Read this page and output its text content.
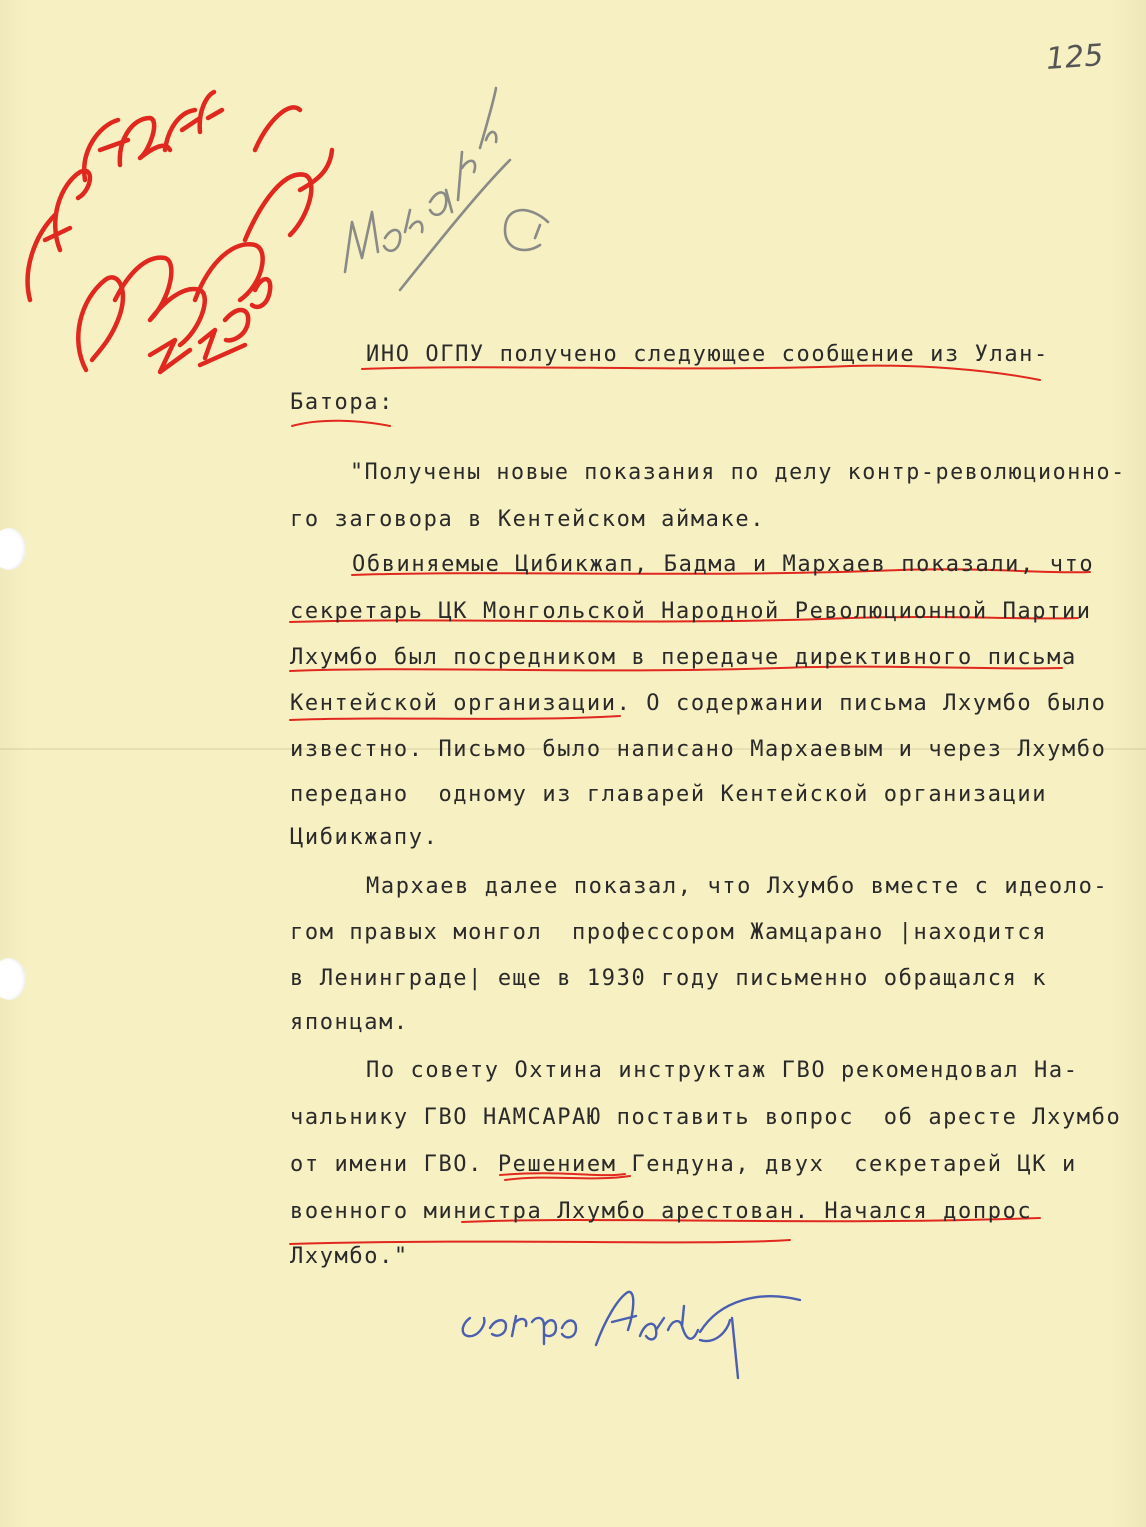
125

ИНО ОГПУ получено следующее сообщение из Улан-

Батора:

"Получены новые показания по делу контр-революционно-

го заговора в Кентейском аймаке.

Обвиняемые Цибикжап, Бадма и Мархаев показали, что

секретарь ЦК Монгольской Народной Революционной Партии

Лхумбо был посредником в передаче директивного письма

Кентейской организации. О содержании письма Лхумбо было

известно. Письмо было написано Мархаевым и через Лхумбо

передано  одному из главарей Кентейской организации

Цибикжапу.

Мархаев далее показал, что Лхумбо вместе с идеоло-

гом правых монгол  профессором Жамцарано |находится

в Ленинграде| еще в 1930 году письменно обращался к

японцам.

По совету Охтина инструктаж ГВО рекомендовал На-

чальнику ГВО НАМСАРАЮ поставить вопрос  об аресте Лхумбо

от имени ГВО. Решением Гендуна, двух  секретарей ЦК и

военного министра Лхумбо арестован. Начался допрос

Лхумбо."
